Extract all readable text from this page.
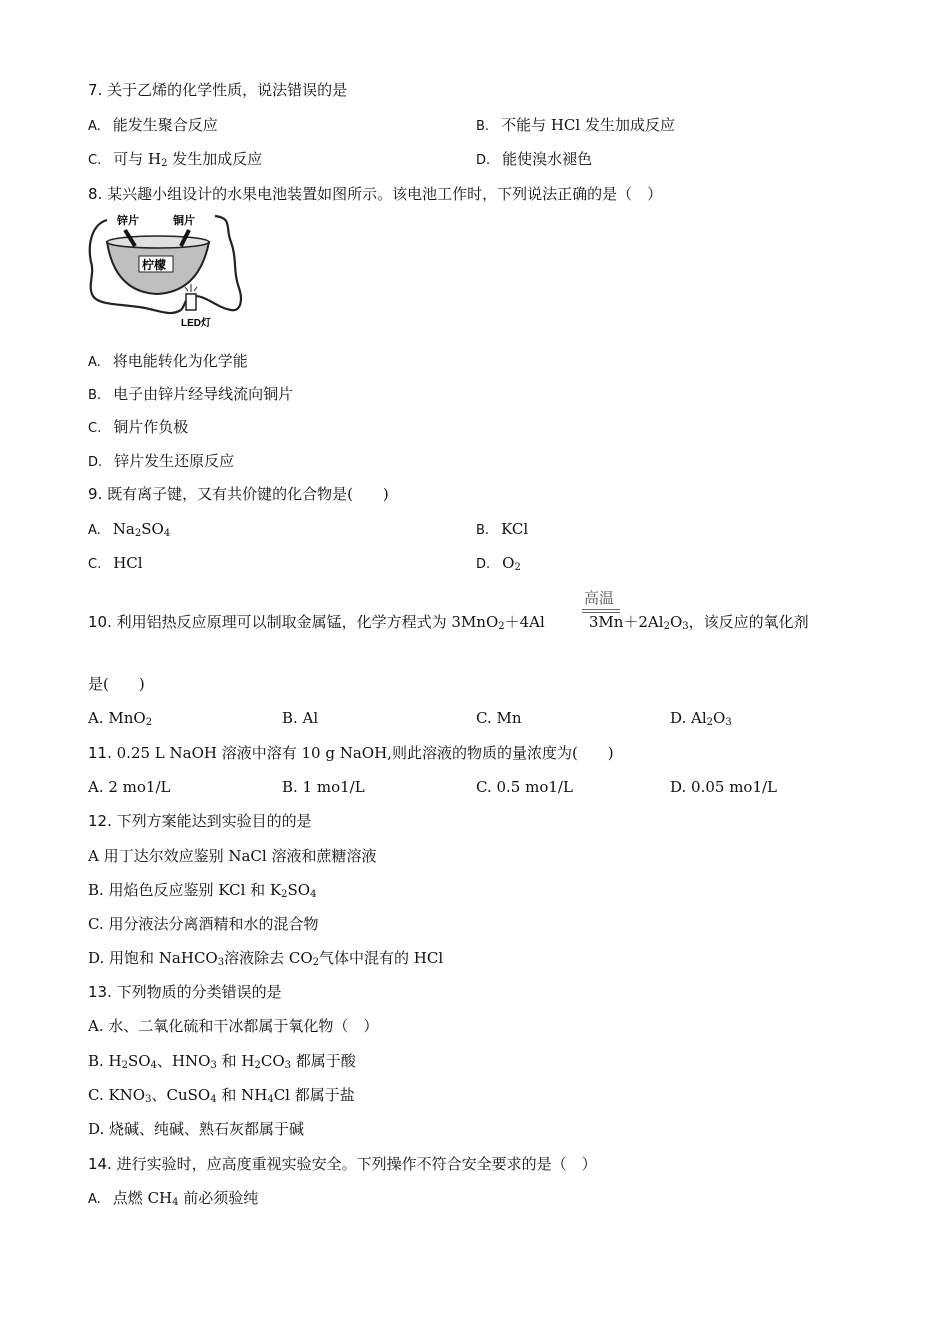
7. 关于乙烯的化学性质，说法错误的是
A. 能发生聚合反应	B. 不能与 HCl 发生加成反应
C. 可与 $H_2$ 发生加成反应	D. 能使溴水褪色
8. 某兴趣小组设计的水果电池装置如图所示。该电池工作时，下列说法正确的是（　）
锌片	铜片
柠檬
LED灯
A. 将电能转化为化学能
B. 电子由锌片经导线流向铜片
C. 铜片作负极
D. 锌片发生还原反应
9. 既有离子键，又有共价键的化合物是(　　)
A. $Na_2SO_4$	B. KCl
C. HCl	D. $O_2$
高温
10. 利用铝热反应原理可以制取金属锰，化学方程式为 3MnO$_2$＋4Al	$3Mn+2Al_2O_3$，该反应的氧化剂
是(　　)
A. MnO$_2$	B. Al	C. Mn	D. $Al_2O_3$
11. 0.25 L NaOH 溶液中溶有 10 g NaOH,则此溶液的物质的量浓度为(　　)
A. 2 mo1/L	B. 1 mo1/L	C. 0.5 mo1/L	D. 0.05 mo1/L
12. 下列方案能达到实验目的的是
A 用丁达尔效应鉴别 NaCl 溶液和蔗糖溶液
B. 用焰色反应鉴别 KCl 和 $K_2SO_4$
C. 用分液法分离酒精和水的混合物
D. 用饱和 NaHCO$_3$溶液除去 $CO_2$气体中混有的 HCl
13. 下列物质的分类错误的是
A. 水、二氧化硫和干冰都属于氧化物（　）
B. $H_2SO_4$、$HNO_3$ 和 $H_2CO_3$ 都属于酸
C. $KNO_3$、CuSO$_4$ 和 $NH_4Cl$ 都属于盐
D. 烧碱、纯碱、熟石灰都属于碱
14. 进行实验时，应高度重视实验安全。下列操作不符合安全要求的是（　）
A. 点燃 $CH_4$ 前必须验纯
